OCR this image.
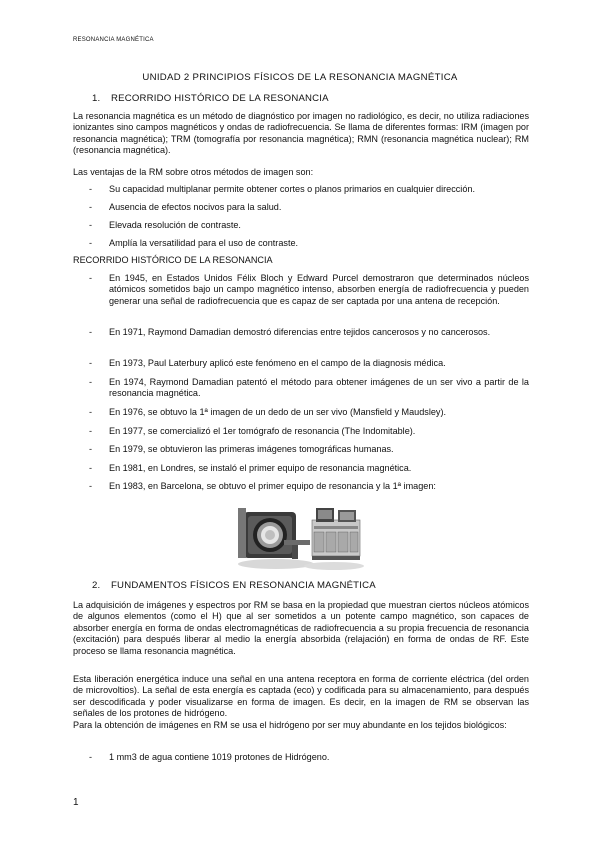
RESONANCIA MAGNÉTICA
UNIDAD 2 PRINCIPIOS FÍSICOS DE LA RESONANCIA MAGNÉTICA
1. RECORRIDO HISTÓRICO DE LA RESONANCIA
La resonancia magnética es un método de diagnóstico por imagen no radiológico, es decir, no utiliza radiaciones ionizantes sino campos magnéticos y ondas de radiofrecuencia. Se llama de diferentes formas: IRM (imagen por resonancia magnética); TRM (tomografía por resonancia magnética); RMN (resonancia magnética nuclear); RM (resonancia magnética).
Las ventajas de la RM sobre otros métodos de imagen son:
- Su capacidad multiplanar permite obtener cortes o planos primarios en cualquier dirección.
- Ausencia de efectos nocivos para la salud.
- Elevada resolución de contraste.
- Amplía la versatilidad para el uso de contraste.
RECORRIDO HISTÓRICO DE LA RESONANCIA
- En 1945, en Estados Unidos Félix Bloch y Edward Purcel demostraron que determinados núcleos atómicos sometidos bajo un campo magnético intenso, absorben energía de radiofrecuencia y pueden generar una señal de radiofrecuencia que es capaz de ser captada por una antena de recepción.
- En 1971, Raymond Damadian demostró diferencias entre tejidos cancerosos y no cancerosos.
- En 1973, Paul Laterbury aplicó este fenómeno en el campo de la diagnosis médica.
- En 1974, Raymond Damadian patentó el método para obtener imágenes de un ser vivo a partir de la resonancia magnética.
- En 1976, se obtuvo la 1ª imagen de un dedo de un ser vivo (Mansfield y Maudsley).
- En 1977, se comercializó el 1er tomógrafo de resonancia (The Indomitable).
- En 1979, se obtuvieron las primeras imágenes tomográficas humanas.
- En 1981, en Londres, se instaló el primer equipo de resonancia magnética.
- En 1983, en Barcelona, se obtuvo el primer equipo de resonancia y la 1ª imagen:
2. FUNDAMENTOS FÍSICOS EN RESONANCIA MAGNÉTICA
La adquisición de imágenes y espectros por RM se basa en la propiedad que muestran ciertos núcleos atómicos de algunos elementos (como el H) que al ser sometidos a un potente campo magnético, son capaces de absorber energía en forma de ondas electromagnéticas de radiofrecuencia a su propia frecuencia de resonancia (excitación) para después liberar al medio la energía absorbida (relajación) en forma de ondas de RF. Este proceso se llama resonancia magnética.
Esta liberación energética induce una señal en una antena receptora en forma de corriente eléctrica (del orden de microvoltios). La señal de esta energía es captada (eco) y codificada para su almacenamiento, para después ser descodificada y poder visualizarse en forma de imagen. Es decir, en la imagen de RM se observan las señales de los protones de hidrógeno.
Para la obtención de imágenes en RM se usa el hidrógeno por ser muy abundante en los tejidos biológicos:
- 1 mm3 de agua contiene 1019 protones de Hidrógeno.
1
